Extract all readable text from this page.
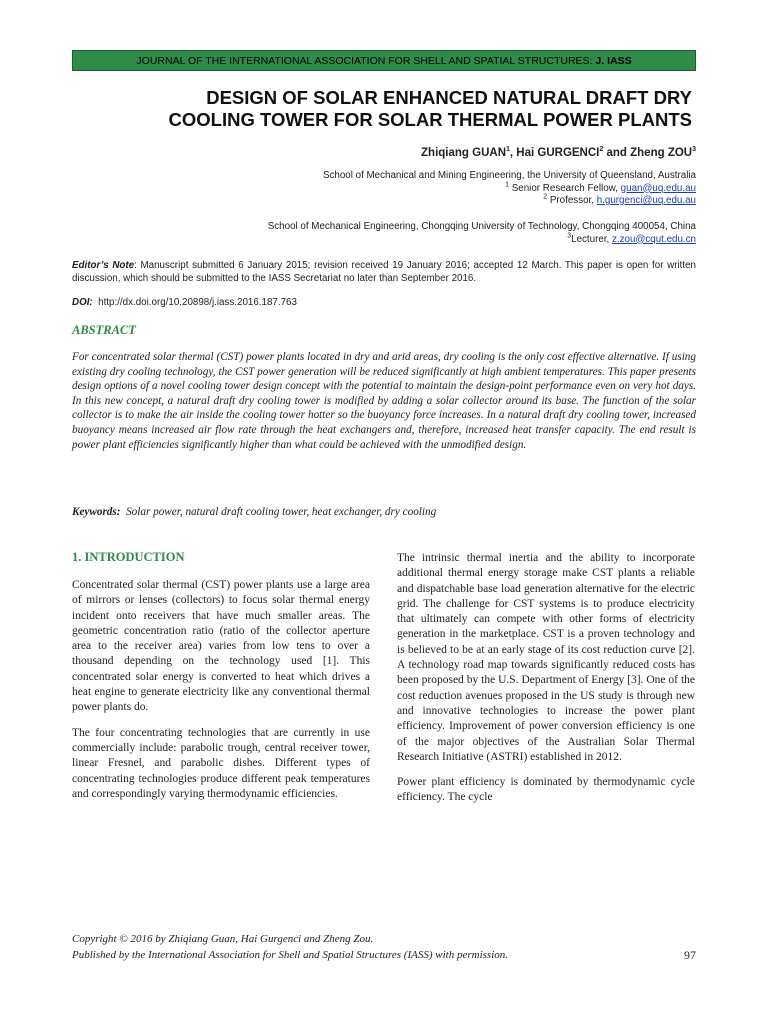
JOURNAL OF THE INTERNATIONAL ASSOCIATION FOR SHELL AND SPATIAL STRUCTURES: J. IASS
DESIGN OF SOLAR ENHANCED NATURAL DRAFT DRY
COOLING TOWER FOR SOLAR THERMAL POWER PLANTS
Zhiqiang GUAN$^1$, Hai GURGENCI$^2$ and Zheng ZOU$^3$
School of Mechanical and Mining Engineering, the University of Queensland, Australia
$^1$ Senior Research Fellow, guan@uq.edu.au
$^2$ Professor, h.gurgenci@uq.edu.au
School of Mechanical Engineering, Chongqing University of Technology, Chongqing 400054, China
$^3$Lecturer, z.zou@cqut.edu.cn
Editor’s Note: Manuscript submitted 6 January 2015; revision received 19 January 2016; accepted 12 March. This paper is open for written discussion, which should be submitted to the IASS Secretariat no later than September 2016.
DOI: http://dx.doi.org/10.20898/j.iass.2016.187.763
ABSTRACT
For concentrated solar thermal (CST) power plants located in dry and arid areas, dry cooling is the only cost effective alternative. If using existing dry cooling technology, the CST power generation will be reduced significantly at high ambient temperatures. This paper presents design options of a novel cooling tower design concept with the potential to maintain the design-point performance even on very hot days. In this new concept, a natural draft dry cooling tower is modified by adding a solar collector around its base. The function of the solar collector is to make the air inside the cooling tower hotter so the buoyancy force increases. In a natural draft dry cooling tower, increased buoyancy means increased air flow rate through the heat exchangers and, therefore, increased heat transfer capacity. The end result is power plant efficiencies significantly higher than what could be achieved with the unmodified design.
Keywords: Solar power, natural draft cooling tower, heat exchanger, dry cooling
1. INTRODUCTION

Concentrated solar thermal (CST) power plants use a large area of mirrors or lenses (collectors) to focus solar thermal energy incident onto receivers that have much smaller areas. The geometric concentration ratio (ratio of the collector aperture area to the receiver area) varies from low tens to over a thousand depending on the technology used [1]. This concentrated solar energy is converted to heat which drives a heat engine to generate electricity like any conventional thermal power plants do.

The four concentrating technologies that are currently in use commercially include: parabolic trough, central receiver tower, linear Fresnel, and parabolic dishes. Different types of concentrating technologies produce different peak temperatures and correspondingly varying thermodynamic efficiencies.

The intrinsic thermal inertia and the ability to incorporate additional thermal energy storage make CST plants a reliable and dispatchable base load generation alternative for the electric grid. The challenge for CST systems is to produce electricity that ultimately can compete with other forms of electricity generation in the marketplace. CST is a proven technology and is believed to be at an early stage of its cost reduction curve [2]. A technology road map towards significantly reduced costs has been proposed by the U.S. Department of Energy [3]. One of the cost reduction avenues proposed in the US study is through new and innovative technologies to increase the power plant efficiency. Improvement of power conversion efficiency is one of the major objectives of the Australian Solar Thermal Research Initiative (ASTRI) established in 2012.

Power plant efficiency is dominated by thermodynamic cycle efficiency. The cycle

Copyright © 2016 by Zhiqiang Guan, Hai Gurgenci and Zheng Zou.
Published by the International Association for Shell and Spatial Structures (IASS) with permission.	97
